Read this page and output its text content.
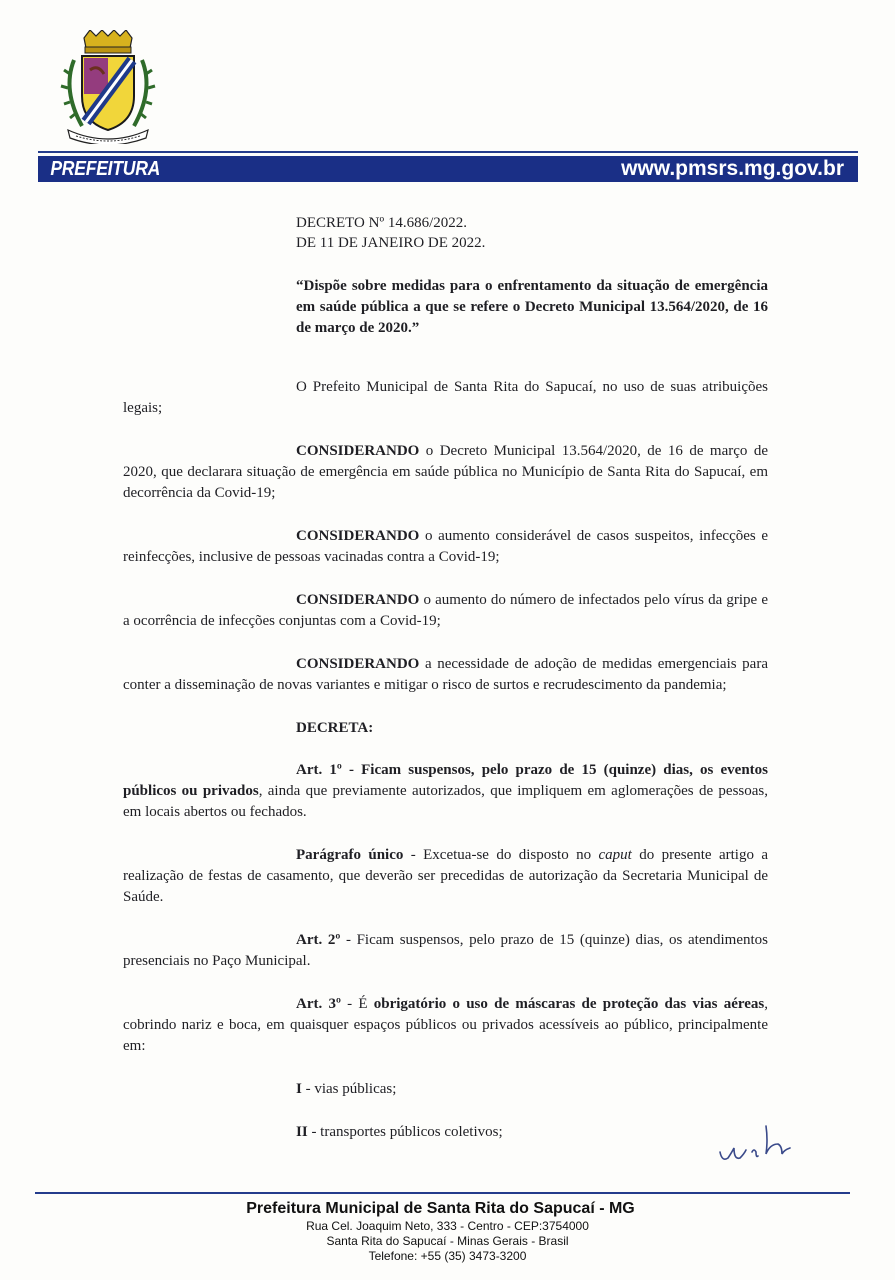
PREFEITURA	www.pmsrs.mg.gov.br
DECRETO Nº 14.686/2022.
DE 11 DE JANEIRO DE 2022.
“Dispõe sobre medidas para o enfrentamento da situação de emergência em saúde pública a que se refere o Decreto Municipal 13.564/2020, de 16 de março de 2020.”

O Prefeito Municipal de Santa Rita do Sapucaí, no uso de suas atribuições legais;

CONSIDERANDO o Decreto Municipal 13.564/2020, de 16 de março de 2020, que declarara situação de emergência em saúde pública no Município de Santa Rita do Sapucaí, em decorrência da Covid-19;

CONSIDERANDO o aumento considerável de casos suspeitos, infecções e reinfecções, inclusive de pessoas vacinadas contra a Covid-19;

CONSIDERANDO o aumento do número de infectados pelo vírus da gripe e a ocorrência de infecções conjuntas com a Covid-19;

CONSIDERANDO a necessidade de adoção de medidas emergenciais para conter a disseminação de novas variantes e mitigar o risco de surtos e recrudescimento da pandemia;

DECRETA:

Art. 1º - Ficam suspensos, pelo prazo de 15 (quinze) dias, os eventos públicos ou privados, ainda que previamente autorizados, que impliquem em aglomerações de pessoas, em locais abertos ou fechados.

Parágrafo único - Excetua-se do disposto no caput do presente artigo a realização de festas de casamento, que deverão ser precedidas de autorização da Secretaria Municipal de Saúde.

Art. 2º - Ficam suspensos, pelo prazo de 15 (quinze) dias, os atendimentos presenciais no Paço Municipal.

Art. 3º - É obrigatório o uso de máscaras de proteção das vias aéreas, cobrindo nariz e boca, em quaisquer espaços públicos ou privados acessíveis ao público, principalmente em:

I - vias públicas;
II - transportes públicos coletivos;
Prefeitura Municipal de Santa Rita do Sapucaí - MG
Rua Cel. Joaquim Neto, 333 - Centro - CEP:3754000
Santa Rita do Sapucaí - Minas Gerais - Brasil
Telefone: +55 (35) 3473-3200
